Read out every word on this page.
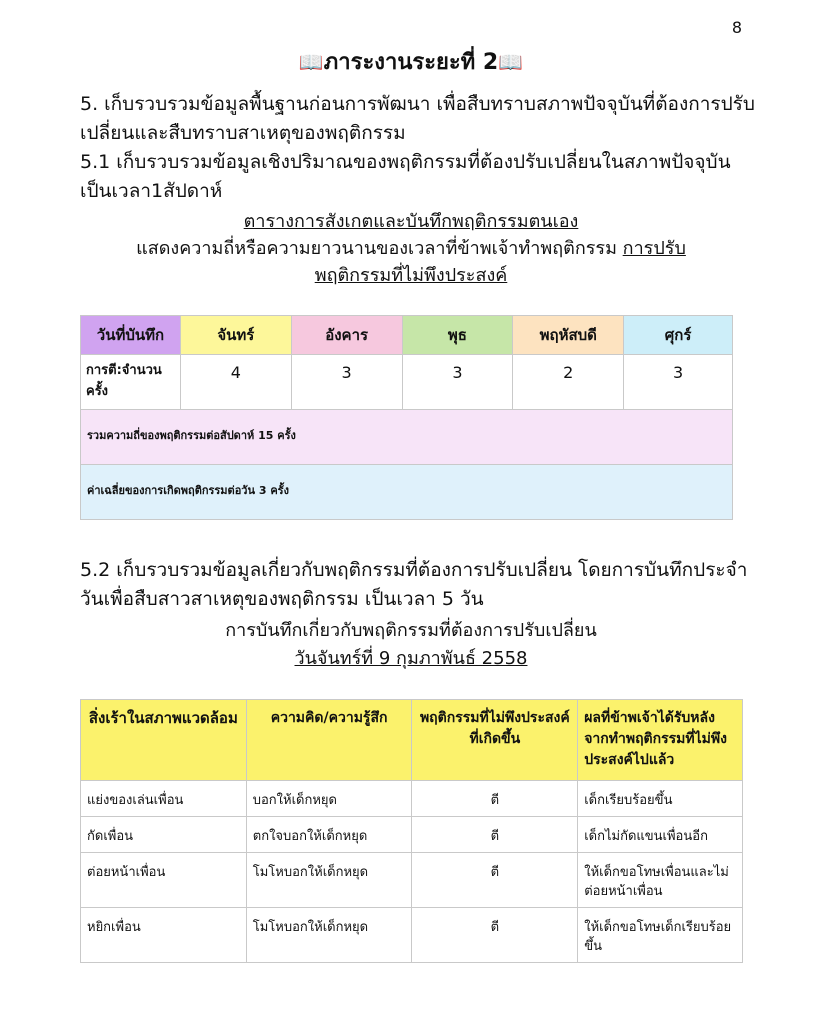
8
📖ภาระงานระยะที่ 2📖
5. เก็บรวบรวมข้อมูลพื้นฐานก่อนการพัฒนา เพื่อสืบทราบสภาพปัจจุบันที่ต้องการปรับเปลี่ยนและสืบทราบสาเหตุของพฤติกรรม
5.1 เก็บรวบรวมข้อมูลเชิงปริมาณของพฤติกรรมที่ต้องปรับเปลี่ยนในสภาพปัจจุบันเป็นเวลา1สัปดาห์
ตารางการสังเกตและบันทึกพฤติกรรมตนเอง
แสดงความถี่หรือความยาวนานของเวลาที่ข้าพเจ้าทำพฤติกรรม การปรับ
พฤติกรรมที่ไม่พึงประสงค์
วันที่บันทึก	จันทร์	อังคาร	พุธ	พฤหัสบดี	ศุกร์
การตี:จำนวนครั้ง	4	3	3	2	3
รวมความถี่ของพฤติกรรมต่อสัปดาห์ 15 ครั้ง					
ค่าเฉลี่ยของการเกิดพฤติกรรมต่อวัน 3 ครั้ง					
5.2 เก็บรวบรวมข้อมูลเกี่ยวกับพฤติกรรมที่ต้องการปรับเปลี่ยน โดยการบันทึกประจำวันเพื่อสืบสาวสาเหตุของพฤติกรรม เป็นเวลา 5 วัน
การบันทึกเกี่ยวกับพฤติกรรมที่ต้องการปรับเปลี่ยน
วันจันทร์ที่ 9 กุมภาพันธ์ 2558
สิ่งเร้าในสภาพแวดล้อม	ความคิด/ความรู้สึก	พฤติกรรมที่ไม่พึงประสงค์ที่เกิดขึ้น	ผลที่ข้าพเจ้าได้รับหลังจากทำพฤติกรรมที่ไม่พึงประสงค์ไปแล้ว
แย่งของเล่นเพื่อน	บอกให้เด็กหยุด	ตี	เด็กเรียบร้อยขึ้น
กัดเพื่อน	ตกใจบอกให้เด็กหยุด	ตี	เด็กไม่กัดแขนเพื่อนอีก
ต่อยหน้าเพื่อน	โมโหบอกให้เด็กหยุด	ตี	ให้เด็กขอโทษเพื่อนและไม่ต่อยหน้าเพื่อน
หยิกเพื่อน	โมโหบอกให้เด็กหยุด	ตี	ให้เด็กขอโทษเด็กเรียบร้อยขึ้น
